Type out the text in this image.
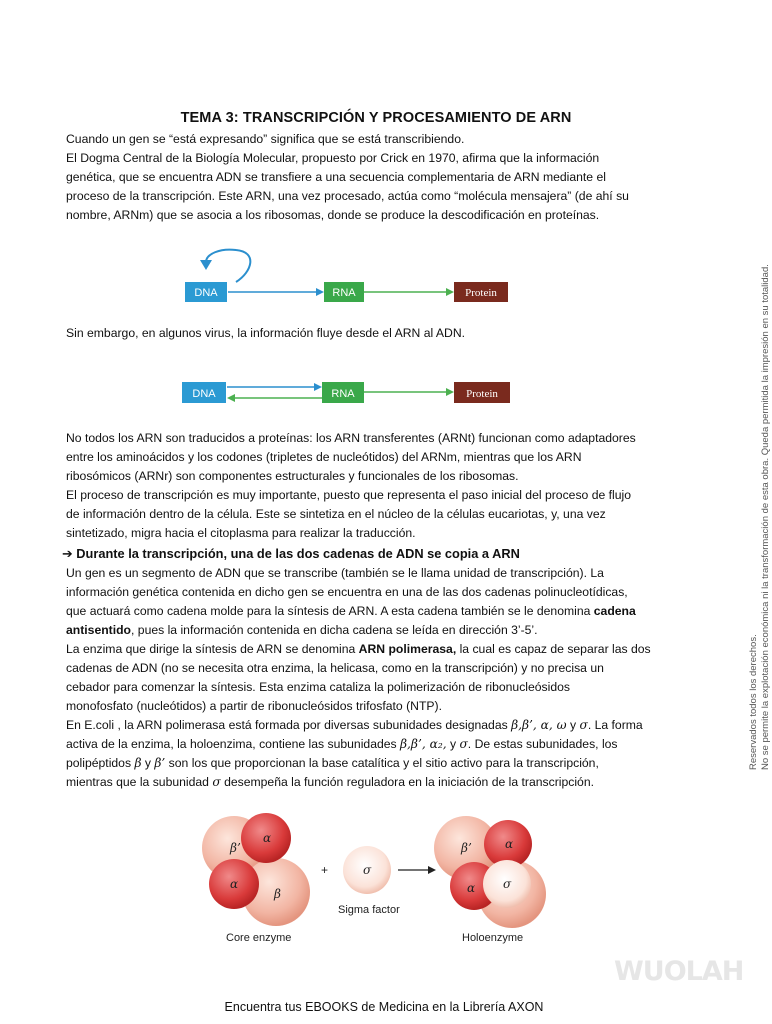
TEMA 3: TRANSCRIPCIÓN Y PROCESAMIENTO DE ARN

Cuando un gen se “está expresando” significa que se está transcribiendo.

El Dogma Central de la Biología Molecular, propuesto por Crick en 1970, afirma que la información

genética, que se encuentra ADN se transfiere a una secuencia complementaria de ARN mediante el

proceso de la transcripción. Este ARN, una vez procesado, actúa como “molécula mensajera” (de ahí su

nombre, ARNm) que se asocia a los ribosomas, donde se produce la descodificación en proteínas.

DNA	RNA	Protein

Sin embargo, en algunos virus, la información fluye desde el ARN al ADN.

DNA	RNA	Protein

No todos los ARN son traducidos a proteínas: los ARN transferentes (ARNt) funcionan como adaptadores

entre los aminoácidos y los codones (tripletes de nucleótidos) del ARNm, mientras que los ARN

ribosómicos (ARNr) son componentes estructurales y funcionales de los ribosomas.

El proceso de transcripción es muy importante, puesto que representa el paso inicial del proceso de flujo

de información dentro de la célula. Este se sintetiza en el núcleo de la células eucariotas, y, una vez

sintetizado, migra hacia el citoplasma para realizar la traducción.

➔ Durante la transcripción, una de las dos cadenas de ADN se copia a ARN

Un gen es un segmento de ADN que se transcribe (también se le llama unidad de transcripción). La

información genética contenida en dicho gen se encuentra en una de las dos cadenas polinucleotídicas,

que actuará como cadena molde para la síntesis de ARN. A esta cadena también se le denomina cadena

antisentido, pues la información contenida en dicha cadena se leída en dirección 3’-5’.

La enzima que dirige la síntesis de ARN se denomina ARN polimerasa, la cual es capaz de separar las dos

cadenas de ADN (no se necesita otra enzima, la helicasa, como en la transcripción) y no precisa un

cebador para comenzar la síntesis. Esta enzima cataliza la polimerización de ribonucleósidos

monofosfato (nucleótidos) a partir de ribonucleósidos trifosfato (NTP).

En E.coli , la ARN polimerasa está formada por diversas subunidades designadas β,β’, α, ω y σ. La forma

activa de la enzima, la holoenzima, contiene las subunidades β,β’, α₂, y σ. De estas subunidades, los

polipéptidos β y β’ son los que proporcionan la base catalítica y el sitio activo para la transcripción,

mientras que la subunidad σ desempeña la función reguladora en la iniciación de la transcripción.

β’
α
α
β
Core enzyme
+	σ
Sigma factor
β’	α
α σ
Holoenzyme
Reservados todos los derechos. No se permite la explotación económica ni la transformación de esta obra. Queda permitida la impresión en su totalidad.
WUOLAH
Encuentra tus EBOOKS de Medicina en la Librería AXON
